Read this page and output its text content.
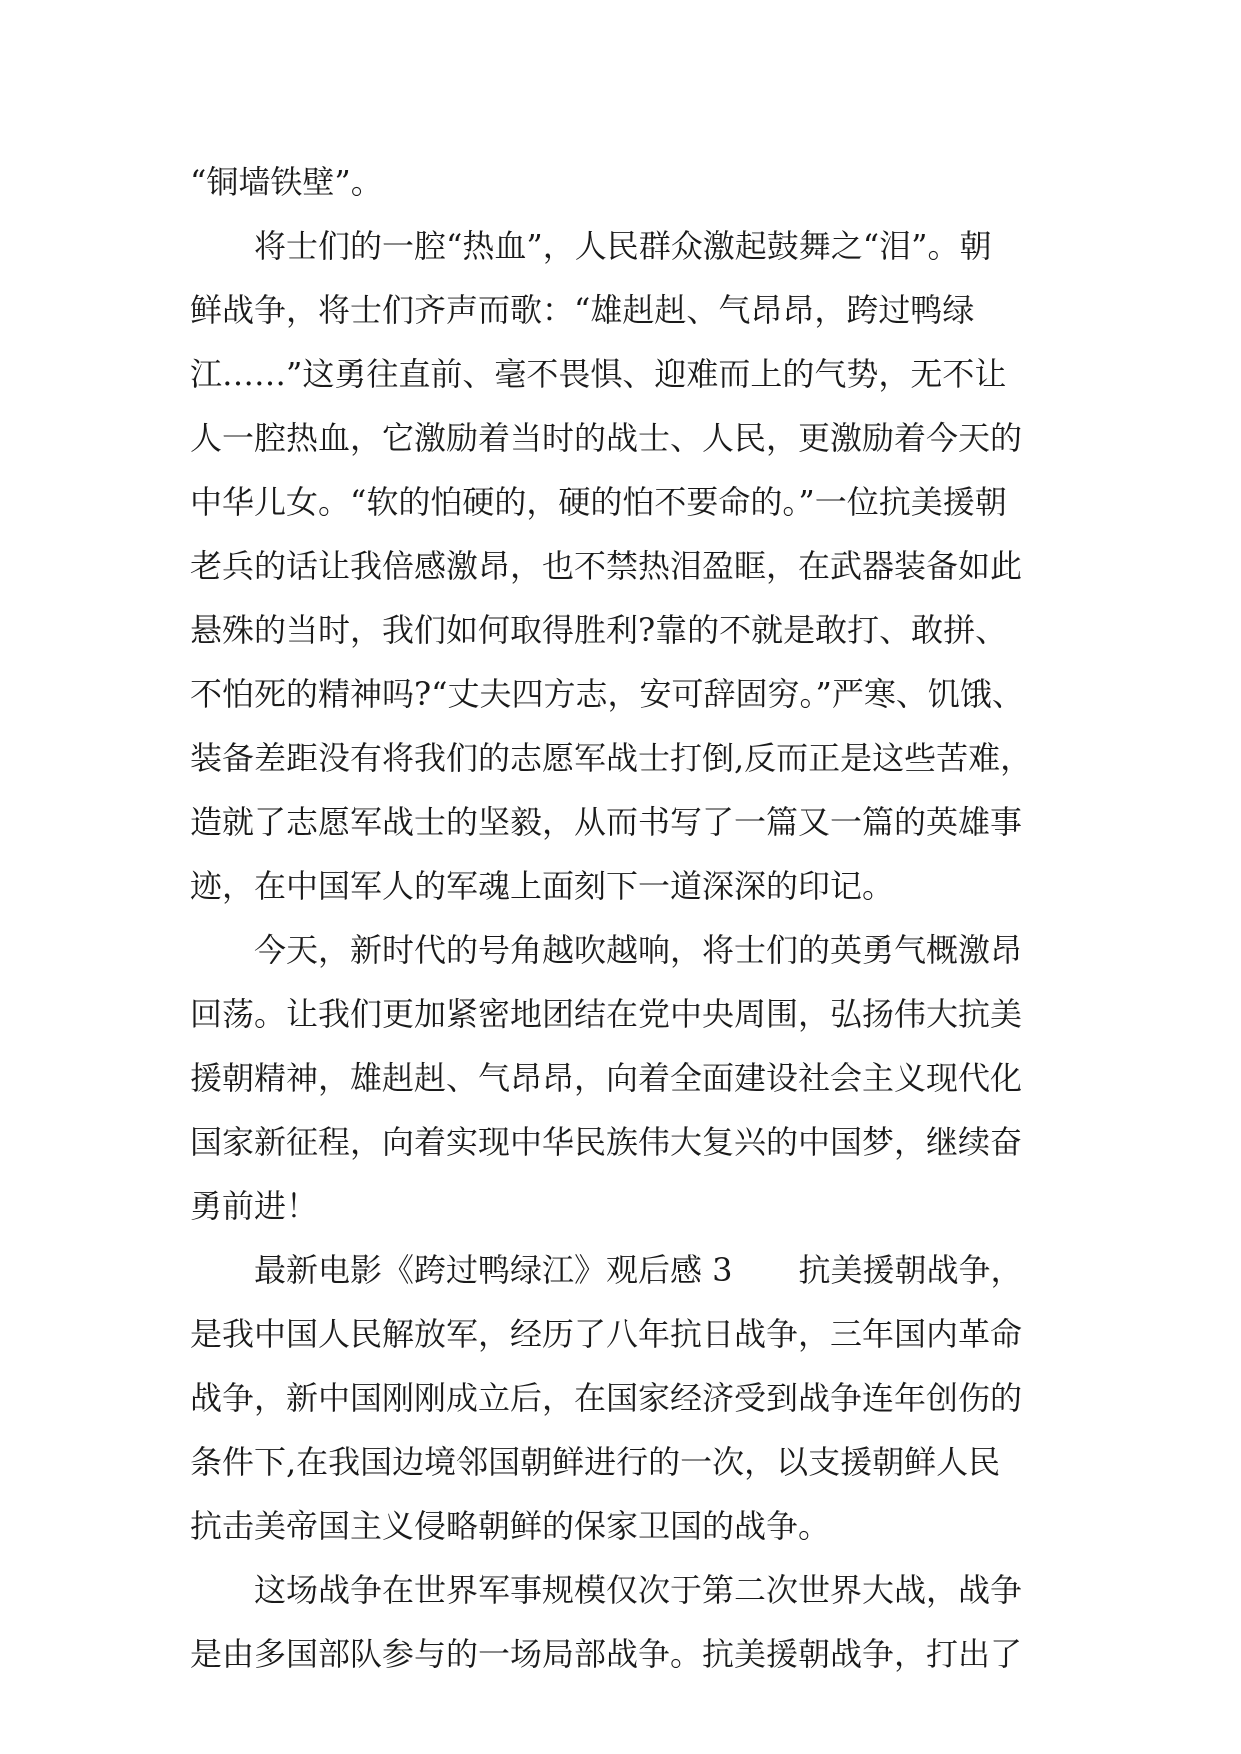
“铜墙铁壁”。
将士们的一腔“热血”，人民群众激起鼓舞之“泪”。朝
鲜战争，将士们齐声而歌：“雄赳赳、气昂昂，跨过鸭绿
江……”这勇往直前、毫不畏惧、迎难而上的气势，无不让
人一腔热血，它激励着当时的战士、人民，更激励着今天的
中华儿女。“软的怕硬的，硬的怕不要命的。”一位抗美援朝
老兵的话让我倍感激昂，也不禁热泪盈眶，在武器装备如此
悬殊的当时，我们如何取得胜利?靠的不就是敢打、敢拼、
不怕死的精神吗?“丈夫四方志，安可辞固穷。”严寒、饥饿、
装备差距没有将我们的志愿军战士打倒,反而正是这些苦难，
造就了志愿军战士的坚毅，从而书写了一篇又一篇的英雄事
迹，在中国军人的军魂上面刻下一道深深的印记。
今天，新时代的号角越吹越响，将士们的英勇气概激昂
回荡。让我们更加紧密地团结在党中央周围，弘扬伟大抗美
援朝精神，雄赳赳、气昂昂，向着全面建设社会主义现代化
国家新征程，向着实现中华民族伟大复兴的中国梦，继续奋
勇前进！
最新电影《跨过鸭绿江》观后感 3 抗美援朝战争，
是我中国人民解放军，经历了八年抗日战争，三年国内革命
战争，新中国刚刚成立后，在国家经济受到战争连年创伤的
条件下,在我国边境邻国朝鲜进行的一次，以支援朝鲜人民
抗击美帝国主义侵略朝鲜的保家卫国的战争。
这场战争在世界军事规模仅次于第二次世界大战，战争
是由多国部队参与的一场局部战争。抗美援朝战争，打出了
